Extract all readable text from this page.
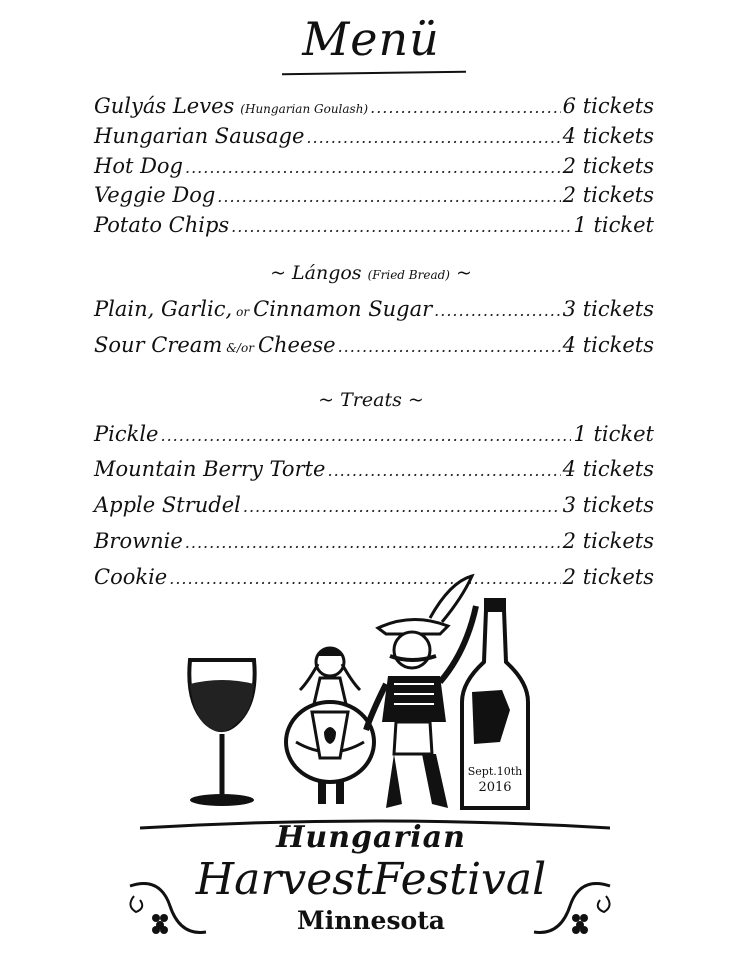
Menü
Gulyás Leves (Hungarian Goulash) .....	6 tickets
Hungarian Sausage .....	4 tickets
Hot Dog .....	2 tickets
Veggie Dog .....	2 tickets
Potato Chips .....	1 ticket
~ Lángos (Fried Bread) ~
Plain, Garlic, or Cinnamon Sugar .....	3 tickets
Sour Cream &/or Cheese .....	4 tickets
~ Treats ~
Pickle .....	1 ticket
Mountain Berry Torte .....	4 tickets
Apple Strudel .....	3 tickets
Brownie .....	2 tickets
Cookie .....	2 tickets
Sept.10th
2016
Hungarian
HarvestFestival
Minnesota
